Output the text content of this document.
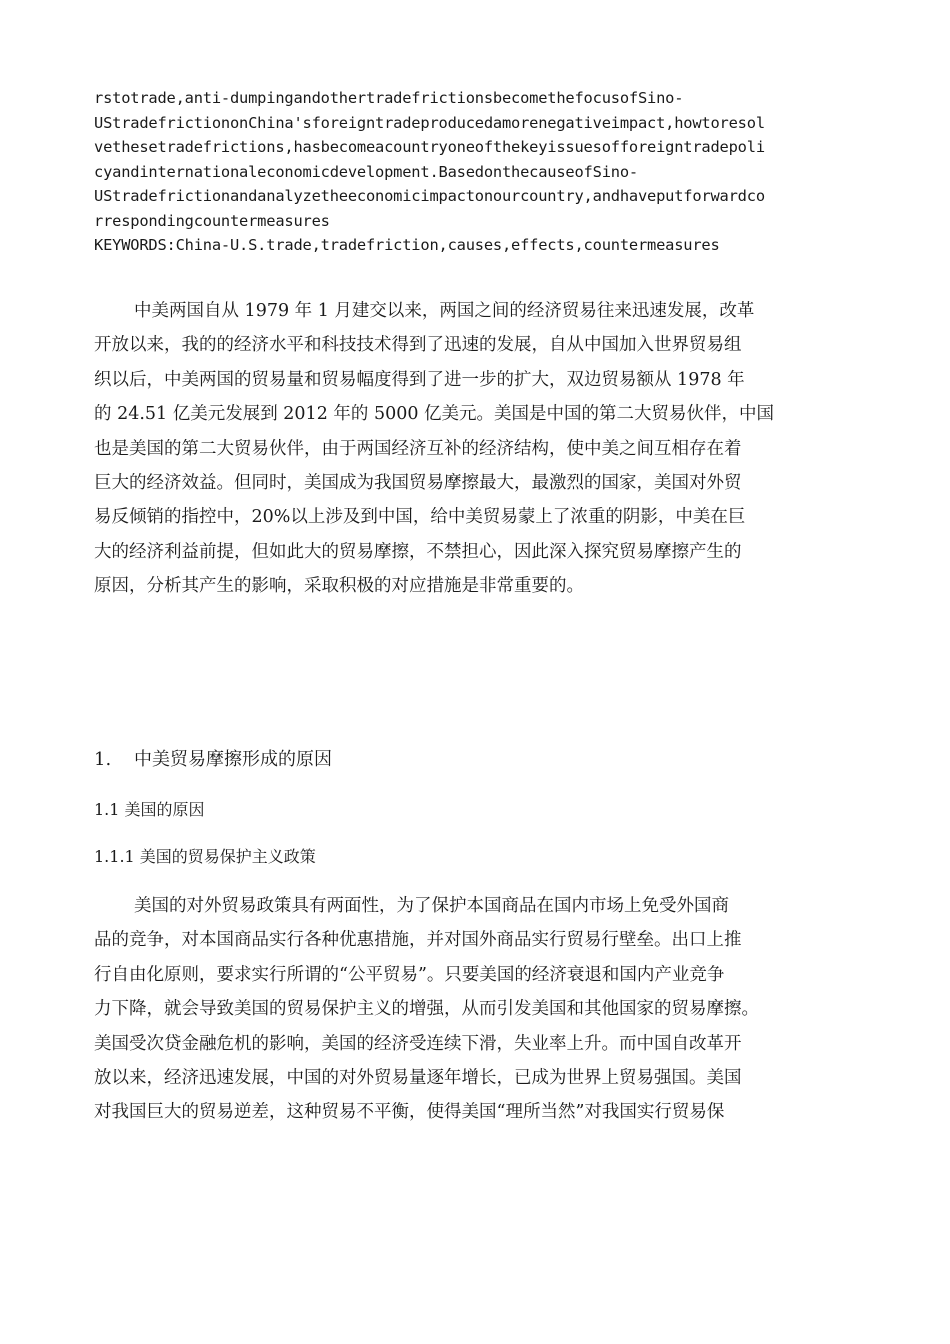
rstotrade,anti-dumpingandothertradefrictionsbecomethefocusofSino-
UStradefrictiononChina'sforeigntradeproducedamorenegativeimpact,howtoresol
vethesetradefrictions,hasbecomeacountryoneofthekeyissuesofforeigntradepoli
cyandinternationaleconomicdevelopment.BasedonthecauseofSino-
UStradefrictionandanalyzetheeconomicimpactonourcountry,andhaveputforwardco
rrespondingcountermeasures
KEYWORDS:China-U.S.trade,tradefriction,causes,effects,countermeasures
中美两国自从 1979 年 1 月建交以来，两国之间的经济贸易往来迅速发展，改革
开放以来，我的的经济水平和科技技术得到了迅速的发展，自从中国加入世界贸易组
织以后，中美两国的贸易量和贸易幅度得到了进一步的扩大，双边贸易额从 1978 年
的 24.51 亿美元发展到 2012 年的 5000 亿美元。美国是中国的第二大贸易伙伴，中国
也是美国的第二大贸易伙伴，由于两国经济互补的经济结构，使中美之间互相存在着
巨大的经济效益。但同时，美国成为我国贸易摩擦最大，最激烈的国家，美国对外贸
易反倾销的指控中，20%以上涉及到中国，给中美贸易蒙上了浓重的阴影，中美在巨
大的经济利益前提，但如此大的贸易摩擦，不禁担心，因此深入探究贸易摩擦产生的
原因，分析其产生的影响，采取积极的对应措施是非常重要的。
1. 中美贸易摩擦形成的原因
1.1 美国的原因
1.1.1 美国的贸易保护主义政策
美国的对外贸易政策具有两面性，为了保护本国商品在国内市场上免受外国商
品的竞争，对本国商品实行各种优惠措施，并对国外商品实行贸易行壁垒。出口上推
行自由化原则，要求实行所谓的“公平贸易”。只要美国的经济衰退和国内产业竞争
力下降，就会导致美国的贸易保护主义的增强，从而引发美国和其他国家的贸易摩擦。
美国受次贷金融危机的影响，美国的经济受连续下滑，失业率上升。而中国自改革开
放以来，经济迅速发展，中国的对外贸易量逐年增长，已成为世界上贸易强国。美国
对我国巨大的贸易逆差，这种贸易不平衡，使得美国“理所当然”对我国实行贸易保
